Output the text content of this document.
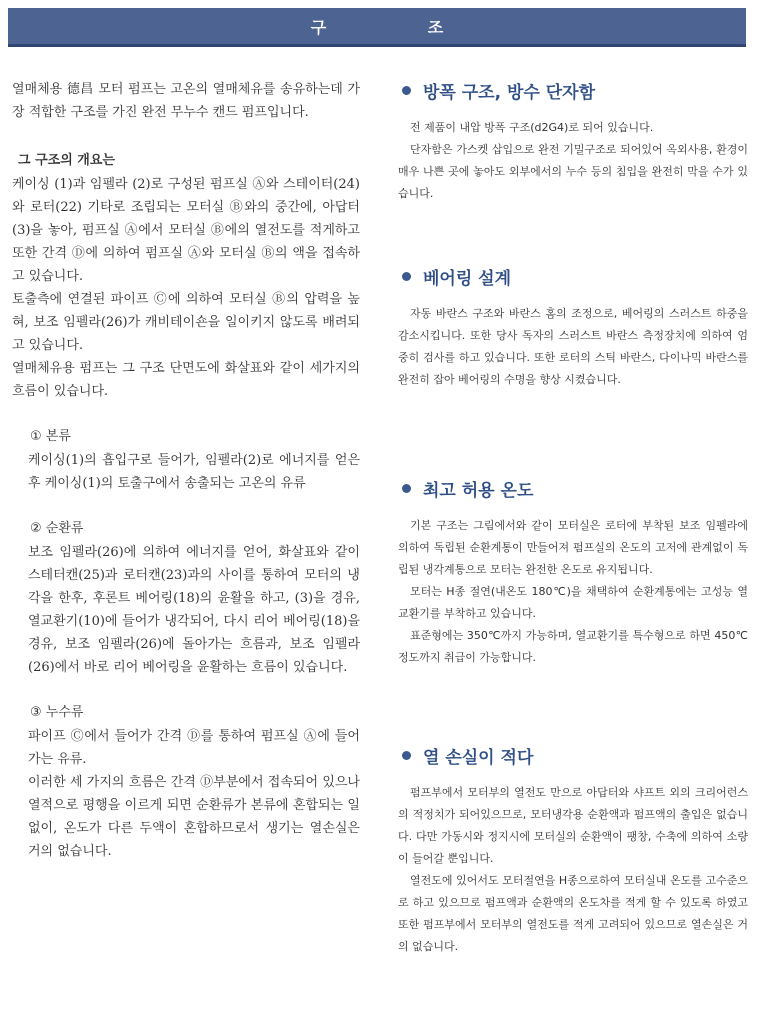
구 조

열매체용 德昌 모터 펌프는 고온의 열매체유를 송유하는데 가장 적합한 구조를 가진 완전 무누수 캔드 펌프입니다.

그 구조의 개요는

케이싱 (1)과 임펠라 (2)로 구성된 펌프실 Ⓐ와 스테이터(24)와 로터(22) 기타로 조립되는 모터실 Ⓑ와의 중간에, 아답터(3)을 놓아, 펌프실 Ⓐ에서 모터실 Ⓑ에의 열전도를 적게하고 또한 간격 Ⓓ에 의하여 펌프실 Ⓐ와 모터실 Ⓑ의 액을 접속하고 있습니다.

토출측에 연결된 파이프 Ⓒ에 의하여 모터실 Ⓑ의 압력을 높혀, 보조 임펠라(26)가 캐비테이숀을 일이키지 않도록 배려되고 있습니다.

열매체유용 펌프는 그 구조 단면도에 화살표와 같이 세가지의 흐름이 있습니다.

① 본류

케이싱(1)의 흡입구로 들어가, 임펠라(2)로 에너지를 얻은 후 케이싱(1)의 토출구에서 송출되는 고온의 유류

② 순환류

보조 임펠라(26)에 의하여 에너지를 얻어, 화살표와 같이 스테터캔(25)과 로터캔(23)과의 사이를 통하여 모터의 냉각을 한후, 후론트 베어링(18)의 윤활을 하고, (3)을 경유, 열교환기(10)에 들어가 냉각되어, 다시 리어 베어링(18)을 경유, 보조 임펠라(26)에 돌아가는 흐름과, 보조 임펠라(26)에서 바로 리어 베어링을 윤활하는 흐름이 있습니다.

③ 누수류

파이프 Ⓒ에서 들어가 간격 Ⓓ를 통하여 펌프실 Ⓐ에 들어가는 유류.

이러한 세 가지의 흐름은 간격 Ⓓ부분에서 접속되어 있으나 열적으로 평행을 이르게 되면 순환류가 본류에 혼합되는 일없이, 온도가 다른 두액이 혼합하므로서 생기는 열손실은 거의 없습니다.

방폭 구조, 방수 단자함

전 제품이 내압 방폭 구조(d2G4)로 되어 있습니다.

단자함은 가스켓 삽입으로 완전 기밀구조로 되어있어 옥외사용, 환경이 매우 나쁜 곳에 놓아도 외부에서의 누수 등의 침입을 완전히 막을 수가 있습니다.

베어링 설계

자동 바란스 구조와 바란스 홈의 조정으로, 베어링의 스러스트 하중을 감소시킵니다. 또한 당사 독자의 스러스트 바란스 측정장치에 의하여 엄중히 검사를 하고 있습니다. 또한 로터의 스틱 바란스, 다이나믹 바란스를 완전히 잡아 베어링의 수명을 향상 시켰습니다.

최고 허용 온도

기본 구조는 그림에서와 같이 모터실은 로터에 부착된 보조 임펠라에 의하여 독립된 순환계통이 만들어져 펌프실의 온도의 고저에 관계없이 독립된 냉각계통으로 모터는 완전한 온도로 유지됩니다.

모터는 H종 절연(내온도 180℃)을 채택하여 순환계통에는 고성능 열교환기를 부착하고 있습니다.

표준형에는 350℃까지 가능하며, 열교환기를 특수형으로 하면 450℃정도까지 취급이 가능합니다.

열 손실이 적다

펌프부에서 모터부의 열전도 만으로 아답터와 샤프트 외의 크리어런스의 적정치가 되어있으므로, 모터냉각용 순환액과 펌프액의 출입은 없습니다. 다만 가동시와 정지시에 모터실의 순환액이 팽창, 수축에 의하여 소량이 들어갈 뿐입니다.

열전도에 있어서도 모터절연을 H종으로하여 모터실내 온도를 고수준으로 하고 있으므로 펌프액과 순환액의 온도차를 적게 할 수 있도록 하였고 또한 펌프부에서 모터부의 열전도를 적게 고려되어 있으므로 열손실은 거의 없습니다.
